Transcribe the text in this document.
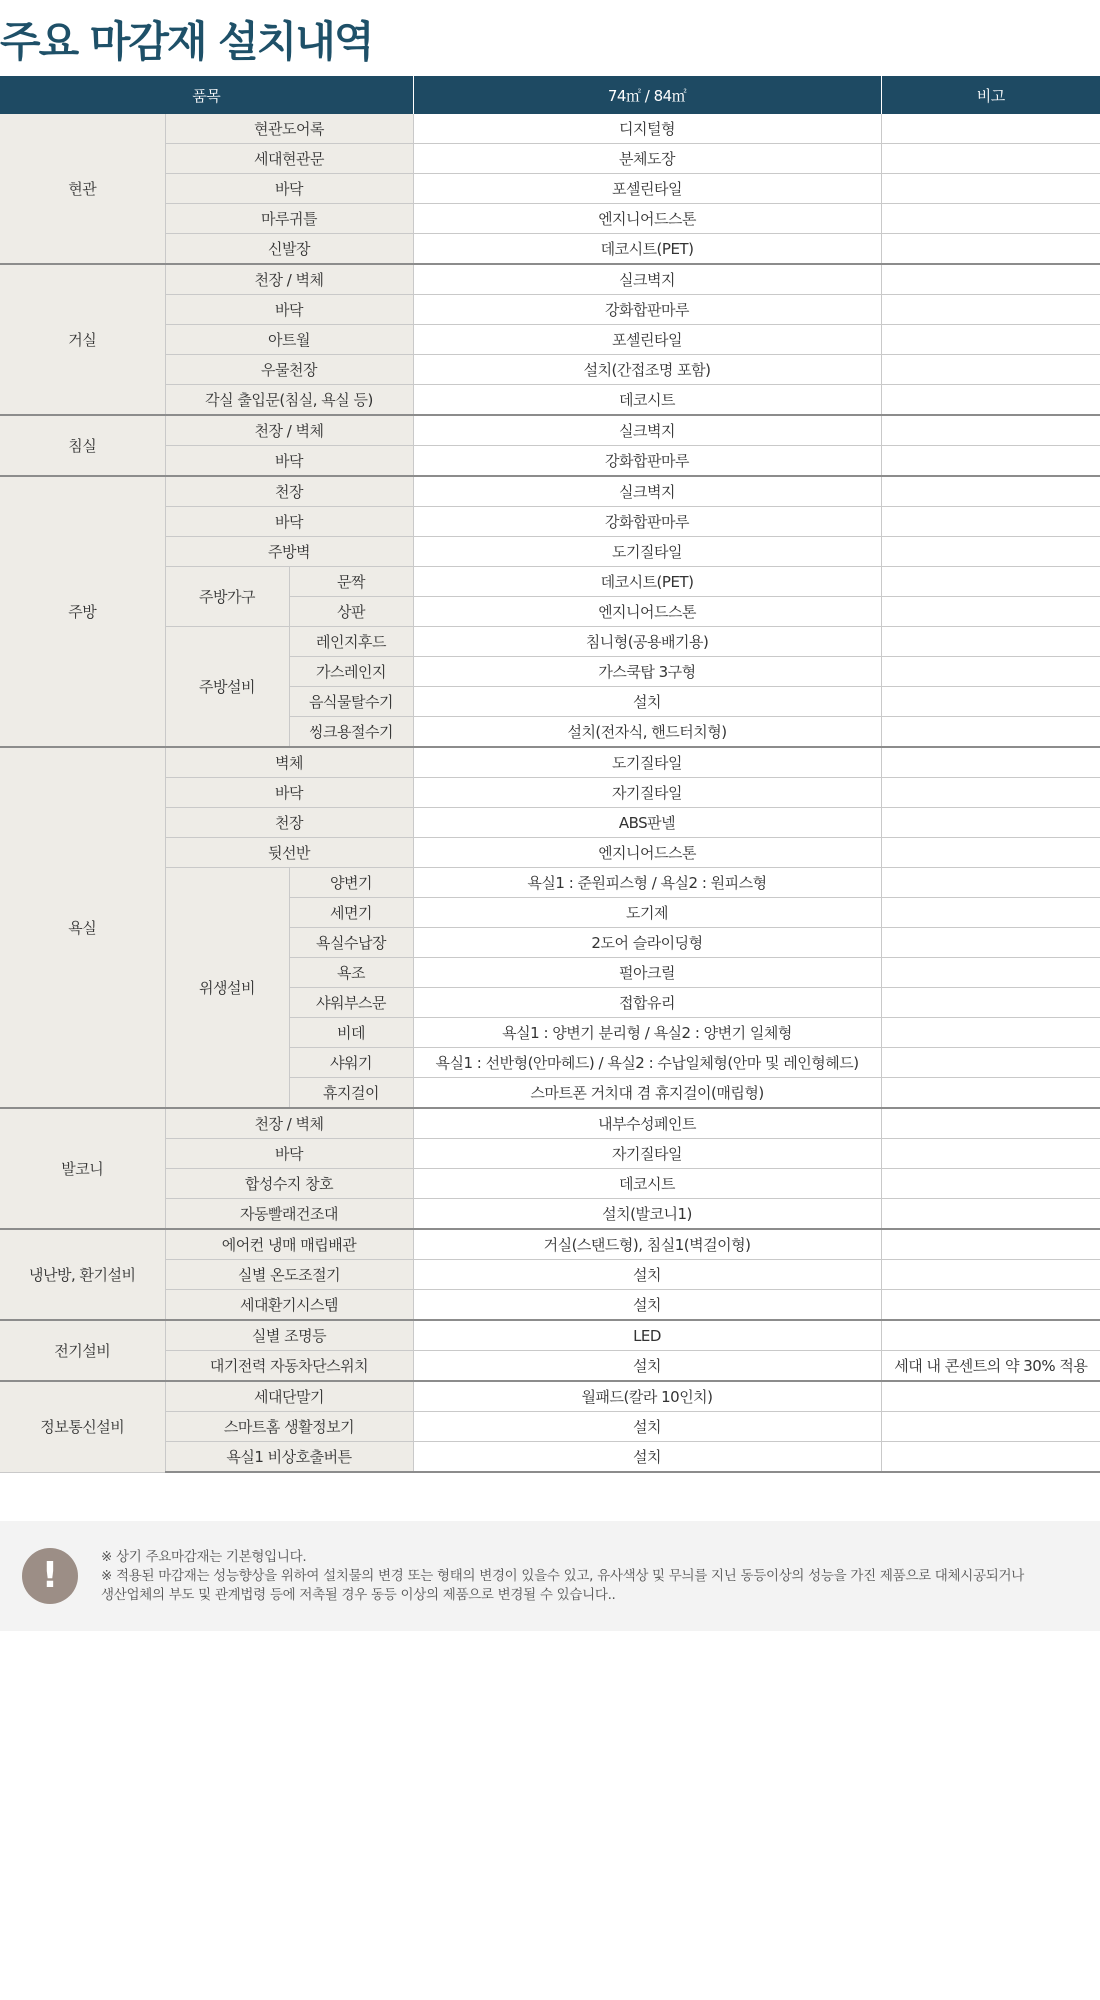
주요 마감재 설치내역
품목			74㎡ / 84㎡	비고
현관	현관도어록		디지털형	
	세대현관문		분체도장	
	바닥		포셀린타일	
	마루귀틀		엔지니어드스톤	
	신발장		데코시트(PET)	
거실	천장 / 벽체		실크벽지	
	바닥		강화합판마루	
	아트월		포셀린타일	
	우물천장		설치(간접조명 포함)	
	각실 출입문(침실, 욕실 등)		데코시트	
침실	천장 / 벽체		실크벽지	
	바닥		강화합판마루	
주방	천장		실크벽지	
	바닥		강화합판마루	
	주방벽		도기질타일	
	주방가구	문짝	데코시트(PET)	
		상판	엔지니어드스톤	
	주방설비	레인지후드	침니형(공용배기용)	
		가스레인지	가스쿡탑 3구형	
		음식물탈수기	설치	
		씽크용절수기	설치(전자식, 핸드터치형)	
욕실	벽체		도기질타일	
	바닥		자기질타일	
	천장		ABS판넬	
	뒷선반		엔지니어드스톤	
	위생설비	양변기	욕실1 : 준원피스형 / 욕실2 : 원피스형	
		세면기	도기제	
		욕실수납장	2도어 슬라이딩형	
		욕조	펄아크릴	
		샤워부스문	접합유리	
		비데	욕실1 : 양변기 분리형 / 욕실2 : 양변기 일체형	
		샤워기	욕실1 : 선반형(안마헤드) / 욕실2 : 수납일체형(안마 및 레인형헤드)	
		휴지걸이	스마트폰 거치대 겸 휴지걸이(매립형)	
발코니	천장 / 벽체		내부수성페인트	
	바닥		자기질타일	
	합성수지 창호		데코시트	
	자동빨래건조대		설치(발코니1)	
냉난방, 환기설비	에어컨 냉매 매립배관		거실(스탠드형), 침실1(벽걸이형)	
	실별 온도조절기		설치	
	세대환기시스템		설치	
전기설비	실별 조명등		LED	
	대기전력 자동차단스위치		설치	세대 내 콘센트의 약 30% 적용
정보통신설비	세대단말기		월패드(칼라 10인치)	
	스마트홈 생활정보기		설치	
	욕실1 비상호출버튼		설치	
!	※ 상기 주요마감재는 기본형입니다.
※ 적용된 마감재는 성능향상을 위하여 설치물의 변경 또는 형태의 변경이 있을수 있고, 유사색상 및 무늬를 지닌 동등이상의 성능을 가진 제품으로 대체시공되거나
생산업체의 부도 및 관계법령 등에 저촉될 경우 동등 이상의 제품으로 변경될 수 있습니다..
